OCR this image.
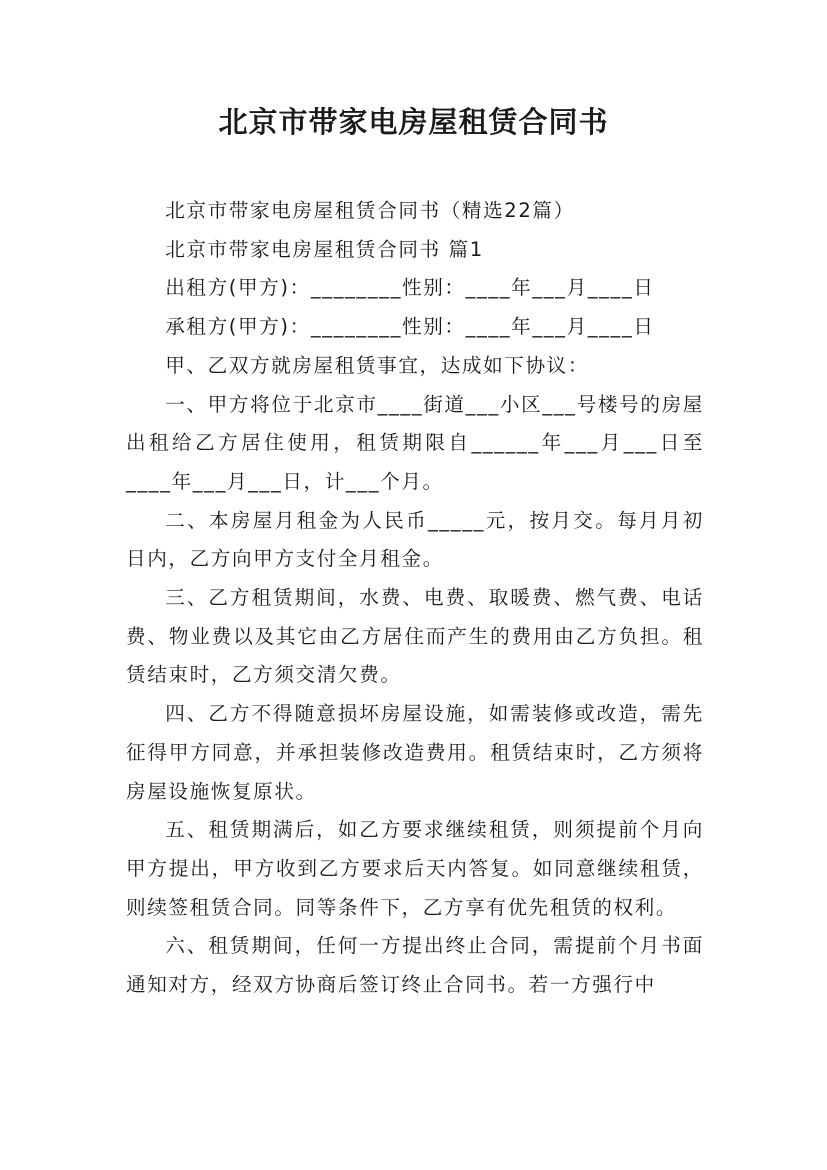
北京市带家电房屋租赁合同书

北京市带家电房屋租赁合同书（精选22篇）

北京市带家电房屋租赁合同书 篇1

出租方(甲方)：________性别：____年___月____日

承租方(甲方)：________性别：____年___月____日

甲、乙双方就房屋租赁事宜，达成如下协议：

一、甲方将位于北京市____街道___小区___号楼号的房屋出租给乙方居住使用，租赁期限自______年___月___日至____年___月___日，计___个月。

二、本房屋月租金为人民币_____元，按月交。每月月初日内，乙方向甲方支付全月租金。

三、乙方租赁期间，水费、电费、取暖费、燃气费、电话费、物业费以及其它由乙方居住而产生的费用由乙方负担。租赁结束时，乙方须交清欠费。

四、乙方不得随意损坏房屋设施，如需装修或改造，需先征得甲方同意，并承担装修改造费用。租赁结束时，乙方须将房屋设施恢复原状。

五、租赁期满后，如乙方要求继续租赁，则须提前个月向甲方提出，甲方收到乙方要求后天内答复。如同意继续租赁，则续签租赁合同。同等条件下，乙方享有优先租赁的权利。

六、租赁期间，任何一方提出终止合同，需提前个月书面通知对方，经双方协商后签订终止合同书。若一方强行中
